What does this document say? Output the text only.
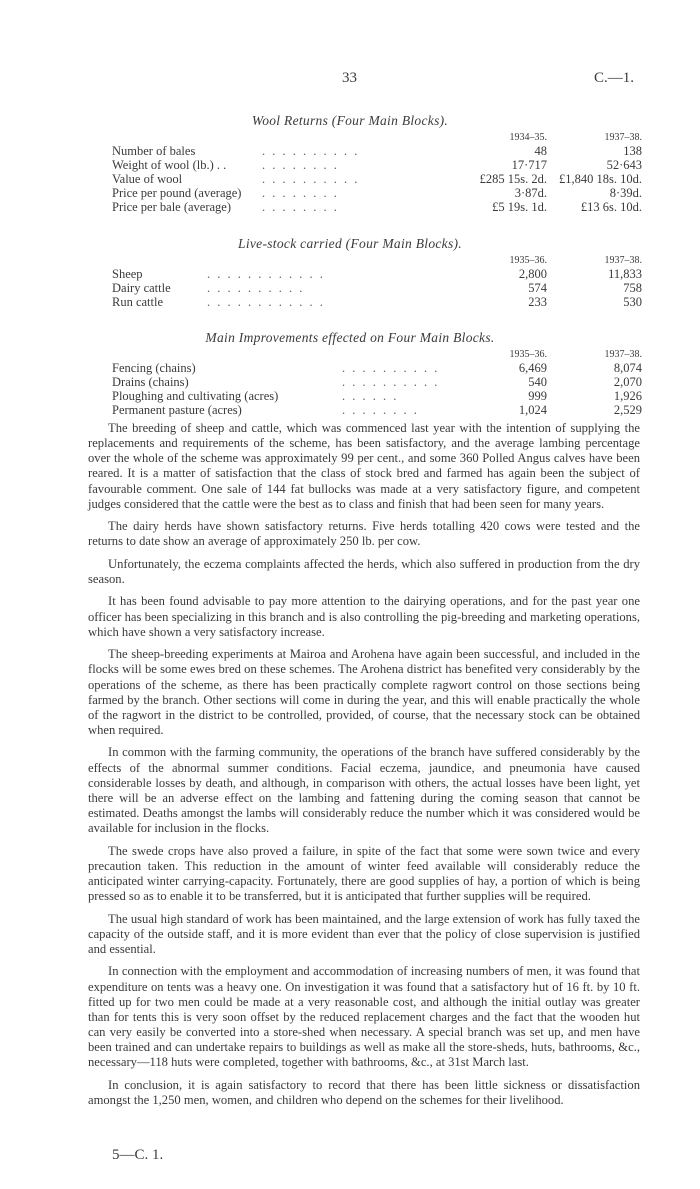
33	C.—1.
Wool Returns (Four Main Blocks).
		1934–35.	1937–38.
Number of bales	. . . . . . . . . .	48	138
Weight of wool (lb.) . .	. . . . . . . .	17·717	52·643
Value of wool	. . . . . . . . . .	£285 15s. 2d.	£1,840 18s. 10d.
Price per pound (average)	. . . . . . . .	3·87d.	8·39d.
Price per bale (average)	. . . . . . . .	£5 19s. 1d.	£13 6s. 10d.
Live-stock carried (Four Main Blocks).
		1935–36.	1937–38.
Sheep	. . . . . . . . . . . .	2,800	11,833
Dairy cattle	. . . . . . . . . .	574	758
Run cattle	. . . . . . . . . . . .	233	530
Main Improvements effected on Four Main Blocks.
		1935–36.	1937–38.
Fencing (chains)	. . . . . . . . . .	6,469	8,074
Drains (chains)	. . . . . . . . . .	540	2,070
Ploughing and cultivating (acres)	. . . . . .	999	1,926
Permanent pasture (acres)	. . . . . . . .	1,024	2,529

The breeding of sheep and cattle, which was commenced last year with the intention of supplying the replacements and requirements of the scheme, has been satisfactory, and the average lambing percentage over the whole of the scheme was approximately 99 per cent., and some 360 Polled Angus calves have been reared. It is a matter of satisfaction that the class of stock bred and farmed has again been the subject of favourable comment. One sale of 144 fat bullocks was made at a very satisfactory figure, and competent judges considered that the cattle were the best as to class and finish that had been seen for many years.

The dairy herds have shown satisfactory returns. Five herds totalling 420 cows were tested and the returns to date show an average of approximately 250 lb. per cow.

Unfortunately, the eczema complaints affected the herds, which also suffered in production from the dry season.

It has been found advisable to pay more attention to the dairying operations, and for the past year one officer has been specializing in this branch and is also controlling the pig-breeding and marketing operations, which have shown a very satisfactory increase.

The sheep-breeding experiments at Mairoa and Arohena have again been successful, and included in the flocks will be some ewes bred on these schemes. The Arohena district has benefited very considerably by the operations of the scheme, as there has been practically complete ragwort control on those sections being farmed by the branch. Other sections will come in during the year, and this will enable practically the whole of the ragwort in the district to be controlled, provided, of course, that the necessary stock can be obtained when required.

In common with the farming community, the operations of the branch have suffered considerably by the effects of the abnormal summer conditions. Facial eczema, jaundice, and pneumonia have caused considerable losses by death, and although, in comparison with others, the actual losses have been light, yet there will be an adverse effect on the lambing and fattening during the coming season that cannot be estimated. Deaths amongst the lambs will considerably reduce the number which it was considered would be available for inclusion in the flocks.

The swede crops have also proved a failure, in spite of the fact that some were sown twice and every precaution taken. This reduction in the amount of winter feed available will considerably reduce the anticipated winter carrying-capacity. Fortunately, there are good supplies of hay, a portion of which is being pressed so as to enable it to be transferred, but it is anticipated that further supplies will be required.

The usual high standard of work has been maintained, and the large extension of work has fully taxed the capacity of the outside staff, and it is more evident than ever that the policy of close supervision is justified and essential.

In connection with the employment and accommodation of increasing numbers of men, it was found that expenditure on tents was a heavy one. On investigation it was found that a satisfactory hut of 16 ft. by 10 ft. fitted up for two men could be made at a very reasonable cost, and although the initial outlay was greater than for tents this is very soon offset by the reduced replacement charges and the fact that the wooden hut can very easily be converted into a store-shed when necessary. A special branch was set up, and men have been trained and can undertake repairs to buildings as well as make all the store-sheds, huts, bathrooms, &c., necessary—118 huts were completed, together with bathrooms, &c., at 31st March last.

In conclusion, it is again satisfactory to record that there has been little sickness or dissatisfaction amongst the 1,250 men, women, and children who depend on the schemes for their livelihood.

5—C. 1.
